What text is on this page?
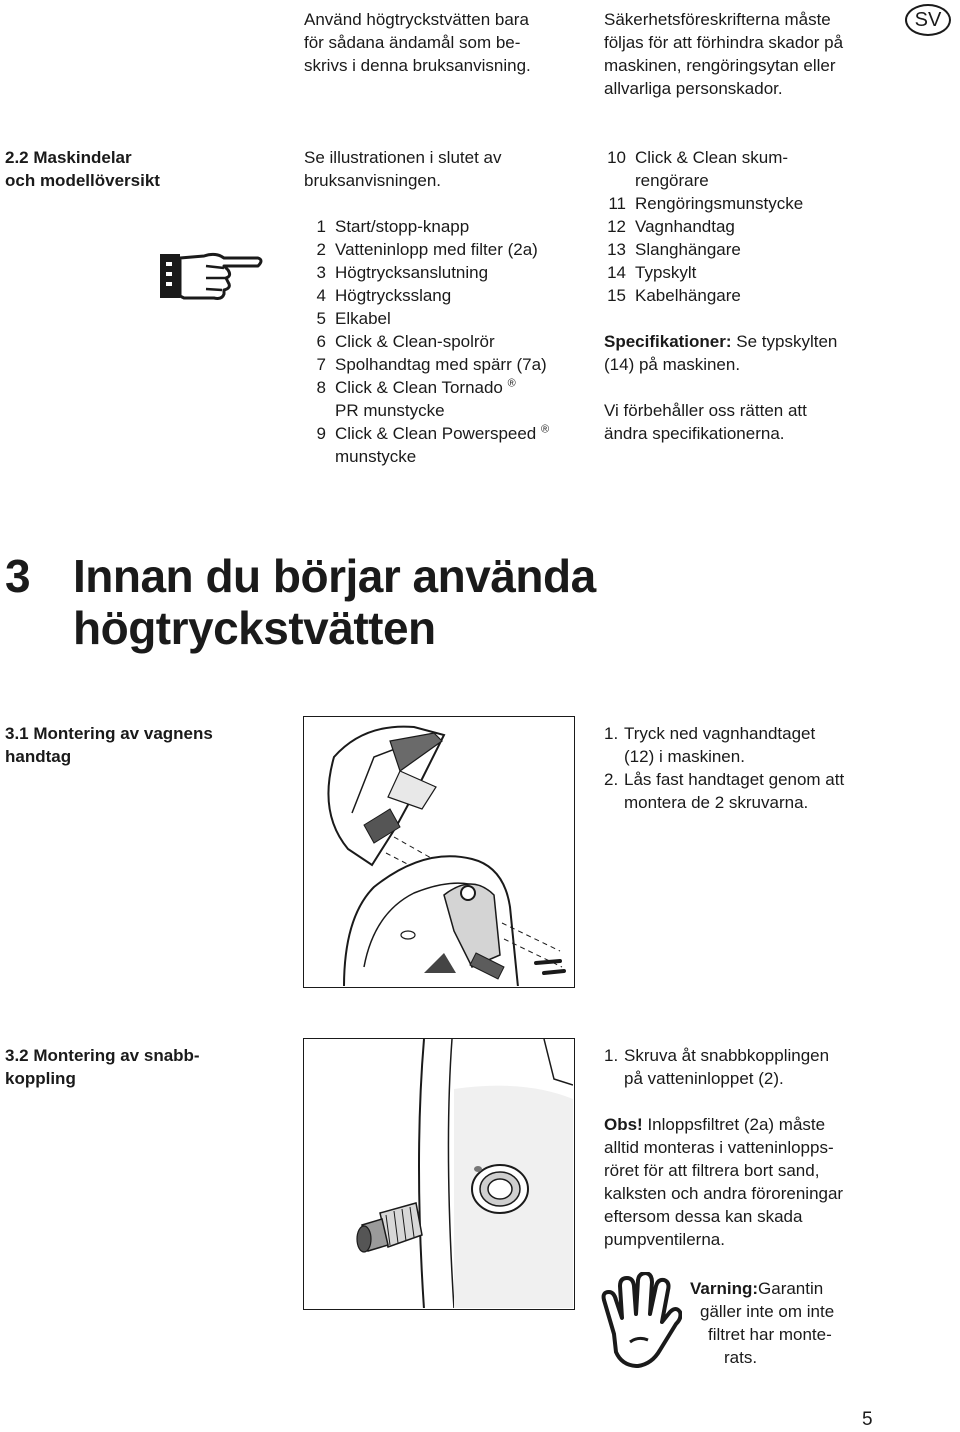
Använd högtryckstvätten bara
för sådana ändamål som be-
skrivs i denna bruksanvisning.
Säkerhetsföreskrifterna måste
följas för att förhindra skador på
maskinen, rengöringsytan eller
allvarliga personskador.
SV
2.2 Maskindelar
och modellöversikt
Se illustrationen i slutet av
bruksanvisningen.
1 Start/stopp-knapp
2 Vatteninlopp med filter (2a)
3 Högtrycksanslutning
4 Högtrycksslang
5 Elkabel
6 Click & Clean-spolrör
7 Spolhandtag med spärr (7a)
8 Click & Clean Tornado ®
PR munstycke
9 Click & Clean Powerspeed ®
munstycke
10 Click & Clean skum-
rengörare
11 Rengöringsmunstycke
12 Vagnhandtag
13 Slanghängare
14 Typskylt
15 Kabelhängare
Specifikationer: Se typskylten
(14) på maskinen.
Vi förbehåller oss rätten att
ändra specifikationerna.
3 Innan du börjar använda
högtryckstvätten
3.1 Montering av vagnens
handtag
1. Tryck ned vagnhandtaget
(12) i maskinen.
2. Lås fast handtaget genom att
montera de 2 skruvarna.
3.2 Montering av snabb-
koppling
1. Skruva åt snabbkopplingen
på vatteninloppet (2).
Obs! Inloppsfiltret (2a) måste
alltid monteras i vatteninlopps-
röret för att filtrera bort sand,
kalksten och andra föroreningar
eftersom dessa kan skada
pumpventilerna.
Varning:Garantin
gäller inte om inte
filtret har monte-
rats.
5
